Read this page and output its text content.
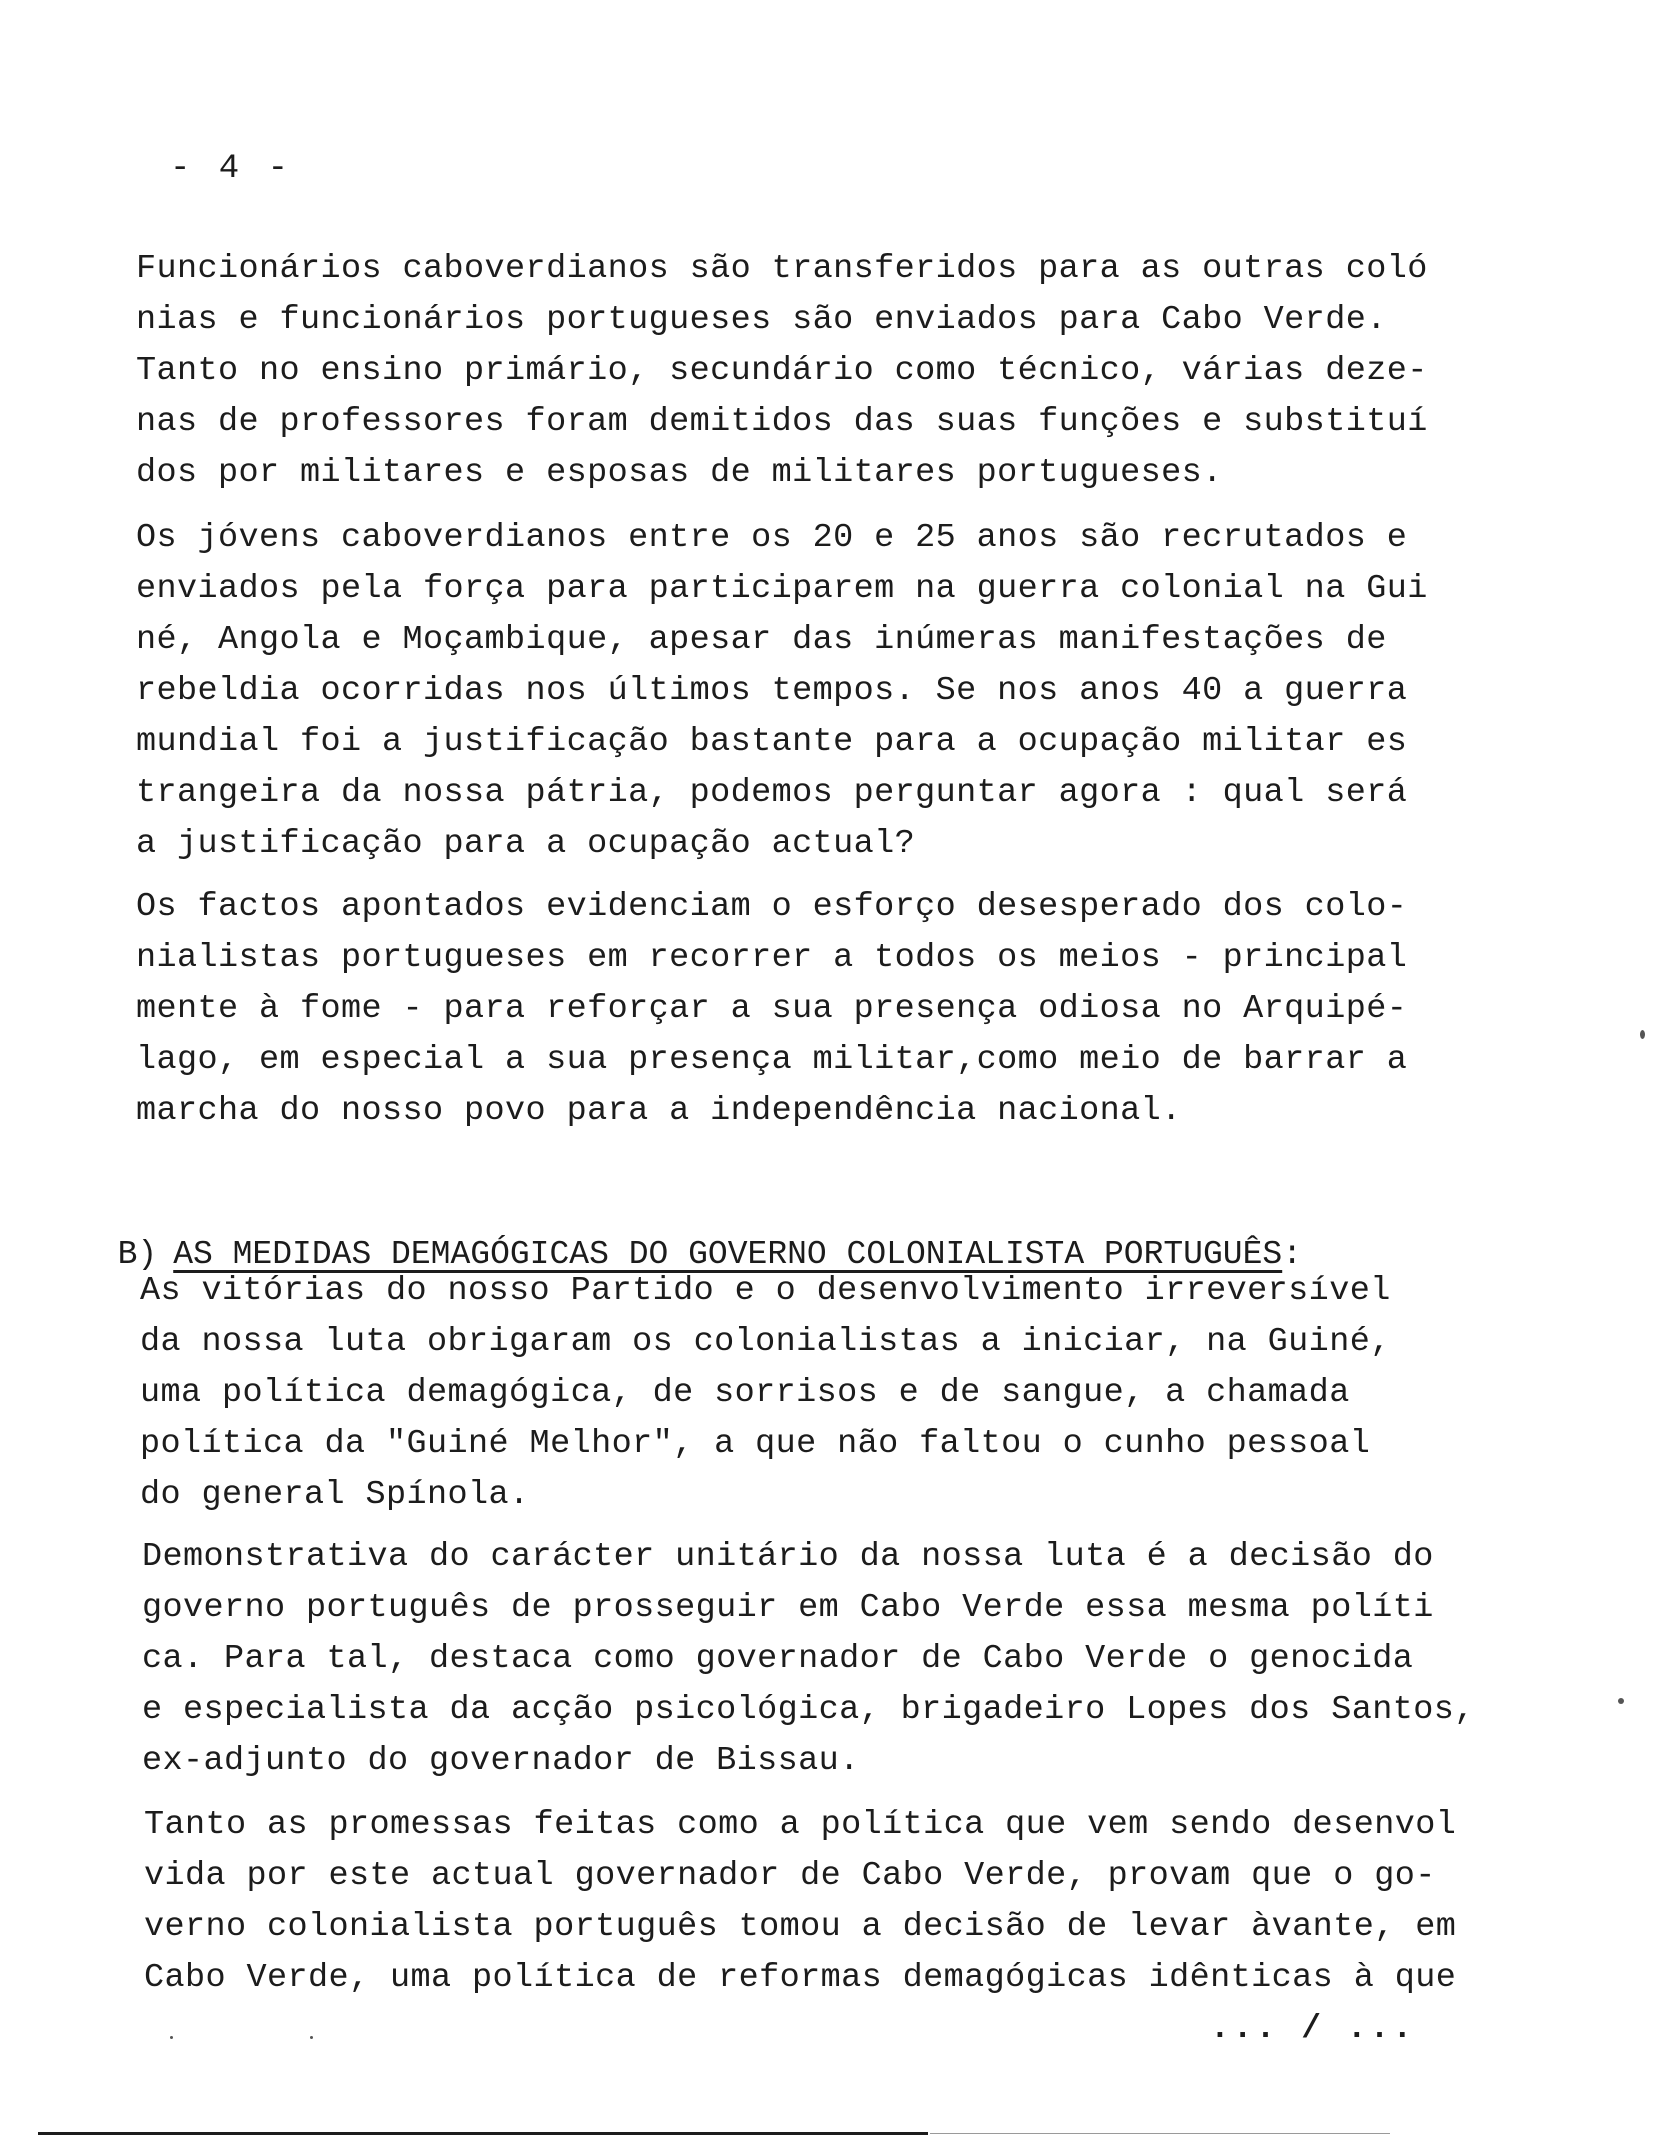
- 4 -
Funcionários caboverdianos são transferidos para as outras coló
nias e funcionários portugueses são enviados para Cabo Verde.
Tanto no ensino primário, secundário como técnico, várias deze-
nas de professores foram demitidos das suas funções e substituí
dos por militares e esposas de militares portugueses.
Os jóvens caboverdianos entre os 20 e 25 anos são recrutados e
enviados pela força para participarem na guerra colonial na Gui
né, Angola e Moçambique, apesar das inúmeras manifestações de
rebeldia ocorridas nos últimos tempos. Se nos anos 40 a guerra
mundial foi a justificação bastante para a ocupação militar es
trangeira da nossa pátria, podemos perguntar agora : qual será
a justificação para a ocupação actual?
Os factos apontados evidenciam o esforço desesperado dos colo-
nialistas portugueses em recorrer a todos os meios - principal
mente à fome - para reforçar a sua presença odiosa no Arquipé-
lago, em especial a sua presença militar,como meio de barrar a
marcha do nosso povo para a independência nacional.

B) AS MEDIDAS DEMAGÓGICAS DO GOVERNO COLONIALISTA PORTUGUÊS:

As vitórias do nosso Partido e o desenvolvimento irreversível
da nossa luta obrigaram os colonialistas a iniciar, na Guiné,
uma política demagógica, de sorrisos e de sangue, a chamada
política da "Guiné Melhor", a que não faltou o cunho pessoal
do general Spínola.
Demonstrativa do carácter unitário da nossa luta é a decisão do
governo português de prosseguir em Cabo Verde essa mesma políti
ca. Para tal, destaca como governador de Cabo Verde o genocida
e especialista da acção psicológica, brigadeiro Lopes dos Santos,
ex-adjunto do governador de Bissau.
Tanto as promessas feitas como a política que vem sendo desenvol
vida por este actual governador de Cabo Verde, provam que o go-
verno colonialista português tomou a decisão de levar àvante, em
Cabo Verde, uma política de reformas demagógicas idênticas à que
... / ...
